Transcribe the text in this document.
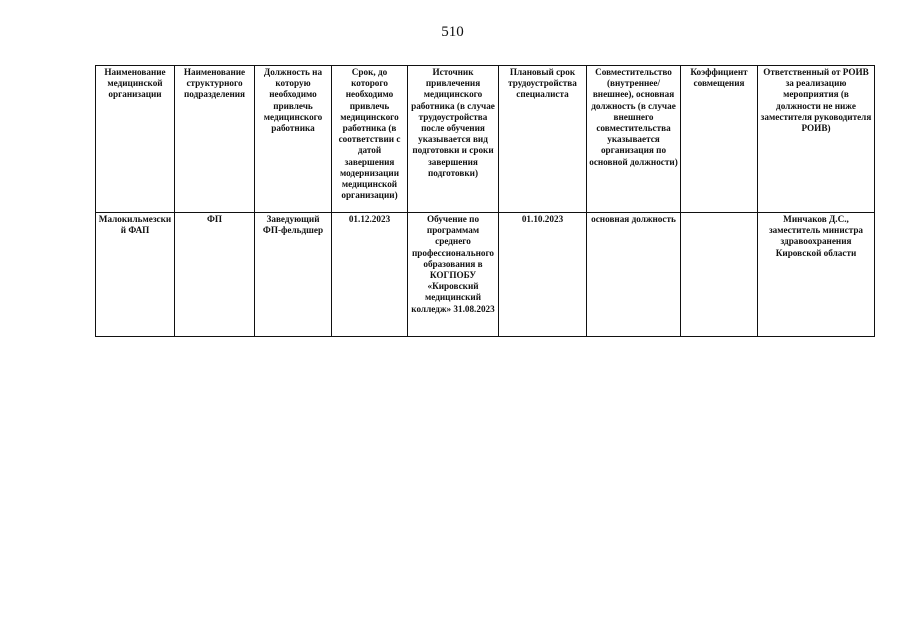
510
Наименование медицинской организации	Наименование структурного подразделения	Должность на которую необходимо привлечь медицинского работника	Срок, до которого необходимо привлечь медицинского работника (в соответствии с датой завершения модернизации медицинской организации)	Источник привлечения медицинского работника (в случае трудоустройства после обучения указывается вид подготовки и сроки завершения подготовки)	Плановый срок трудоустройства специалиста	Совместительство (внутреннее/внешнее), основная должность (в случае внешнего совместительства указывается организация по основной должности)	Коэффициент совмещения	Ответственный от РОИВ за реализацию мероприятия (в должности не ниже заместителя руководителя РОИВ)
Малокильмезский ФАП	ФП	Заведующий ФП-фельдшер	01.12.2023	Обучение по программам среднего профессионального образования в КОГПОБУ «Кировский медицинский колледж» 31.08.2023	01.10.2023	основная должность		Минчаков Д.С., заместитель министра здравоохранения Кировской области
